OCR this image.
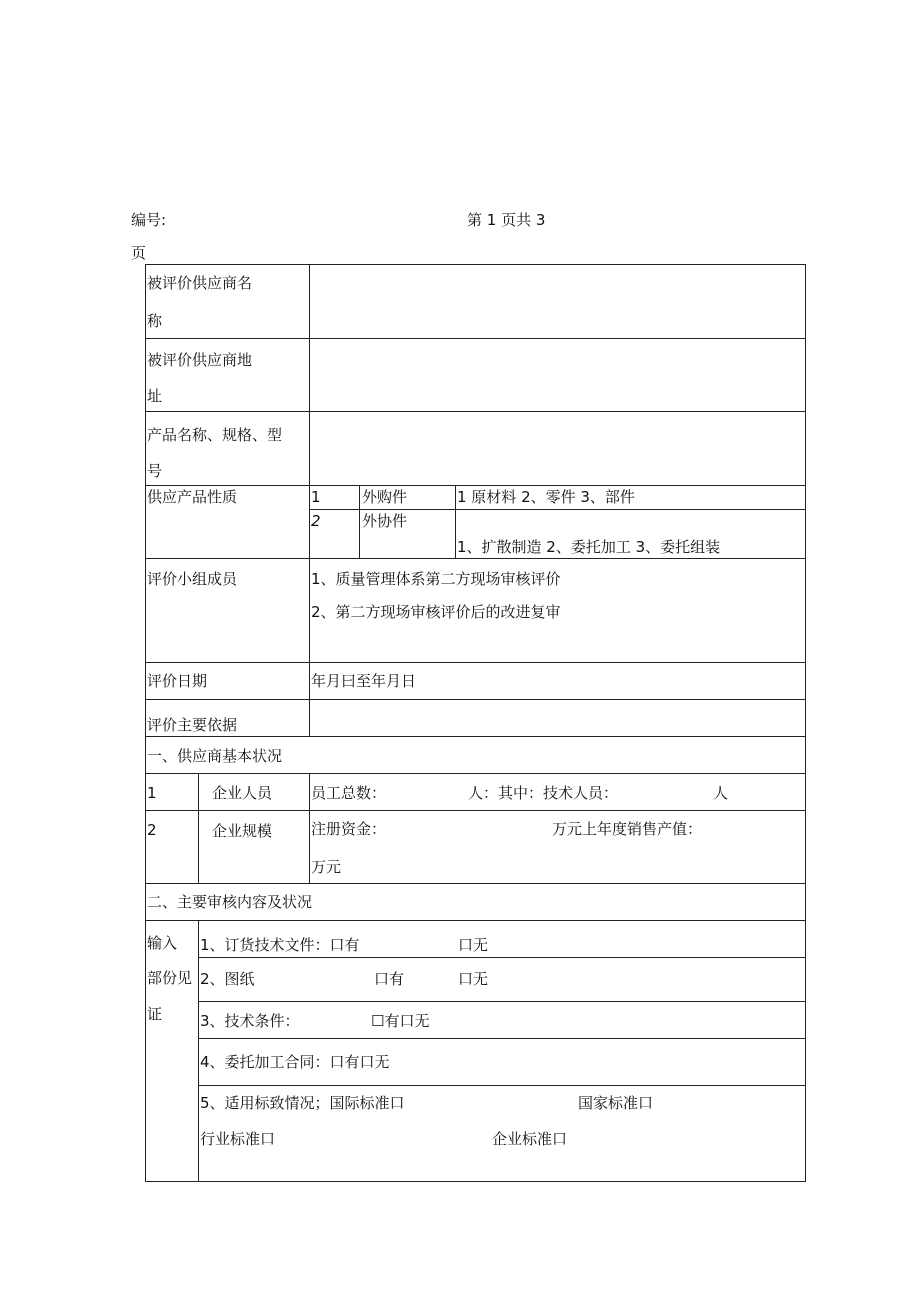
编号:	第 1 页共 3
页
被评价供应商名
称
被评价供应商地
址
产品名称、规格、型
号
供应产品性质	1	外购件	1 原材料 2、零件 3、部件
2	外协件
1、扩散制造 2、委托加工 3、委托组装
评价小组成员	1、质量管理体系第二方现场审核评价
2、第二方现场审核评价后的改进复审
评价日期	年月曰至年月日
评价主要依据
一、供应商基本状况
1	企业人员	员工总数：	人：其中：技术人员：	人
2	企业规模	注册资金：	万元上年度销售产值：
万元
二、主要审核内容及状况
输入
部份见
证
1、订货技术文件：口有	口无
2、图纸	口有	口无
3、技术条件：	☐有口无
4、委托加工合同：口有口无
5、适用标致情况；国际标准口	国家标准口
行业标准口	企业标准口
